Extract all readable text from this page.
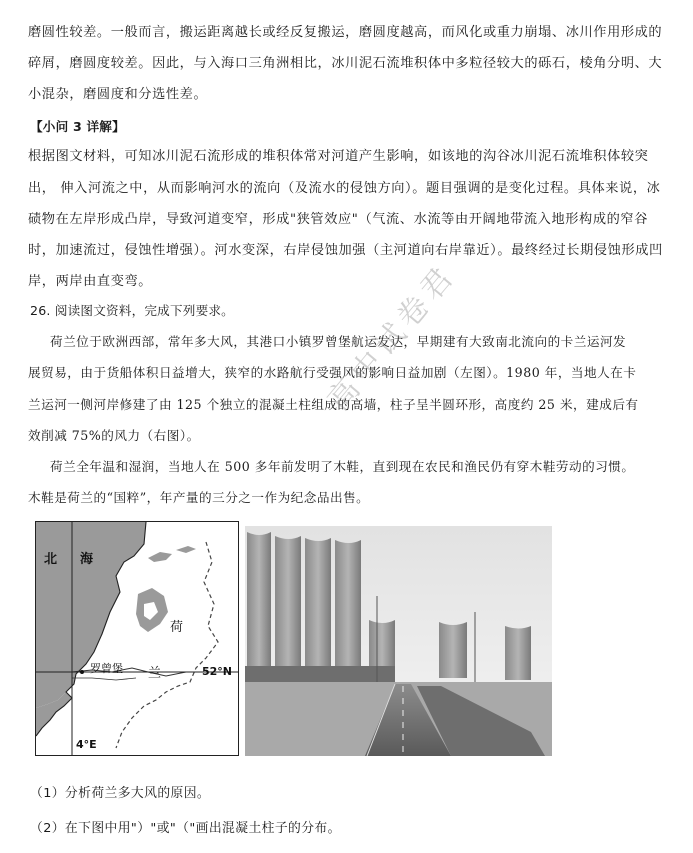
磨圆性较差。一般而言，搬运距离越长或经反复搬运，磨圆度越高，而风化或重力崩塌、冰川作用形成的
碎屑，磨圆度较差。因此，与入海口三角洲相比，冰川泥石流堆积体中多粒径较大的砾石，棱角分明、大
小混杂，磨圆度和分选性差。
【小问 3 详解】
根据图文材料，可知冰川泥石流形成的堆积体常对河道产生影响，如该地的沟谷冰川泥石流堆积体较突
出， 伸入河流之中，从而影响河水的流向（及流水的侵蚀方向）。题目强调的是变化过程。具体来说，冰
碛物在左岸形成凸岸，导致河道变窄，形成"狭管效应"（气流、水流等由开阔地带流入地形构成的窄谷
时，加速流过，侵蚀性增强）。河水变深，右岸侵蚀加强（主河道向右岸靠近）。最终经过长期侵蚀形成凹
岸，两岸由直变弯。
26. 阅读图文资料，完成下列要求。
荷兰位于欧洲西部，常年多大风，其港口小镇罗曾堡航运发达，早期建有大致南北流向的卡兰运河发
展贸易，由于货船体积日益增大，狭窄的水路航行受强风的影响日益加剧（左图）。1980 年，当地人在卡
兰运河一侧河岸修建了由 125 个独立的混凝土柱组成的高墙，柱子呈半圆环形，高度约 25 米，建成后有
效削减 75%的风力（右图）。
荷兰全年温和湿润，当地人在 500 多年前发明了木鞋，直到现在农民和渔民仍有穿木鞋劳动的习惯。
木鞋是荷兰的“国粹”，年产量的三分之一作为纪念品出售。
高中试卷君
北 海
荷
兰
罗曾堡	52°N
4°E
（1）分析荷兰多大风的原因。
（2）在下图中用"）"或"（"画出混凝土柱子的分布。
